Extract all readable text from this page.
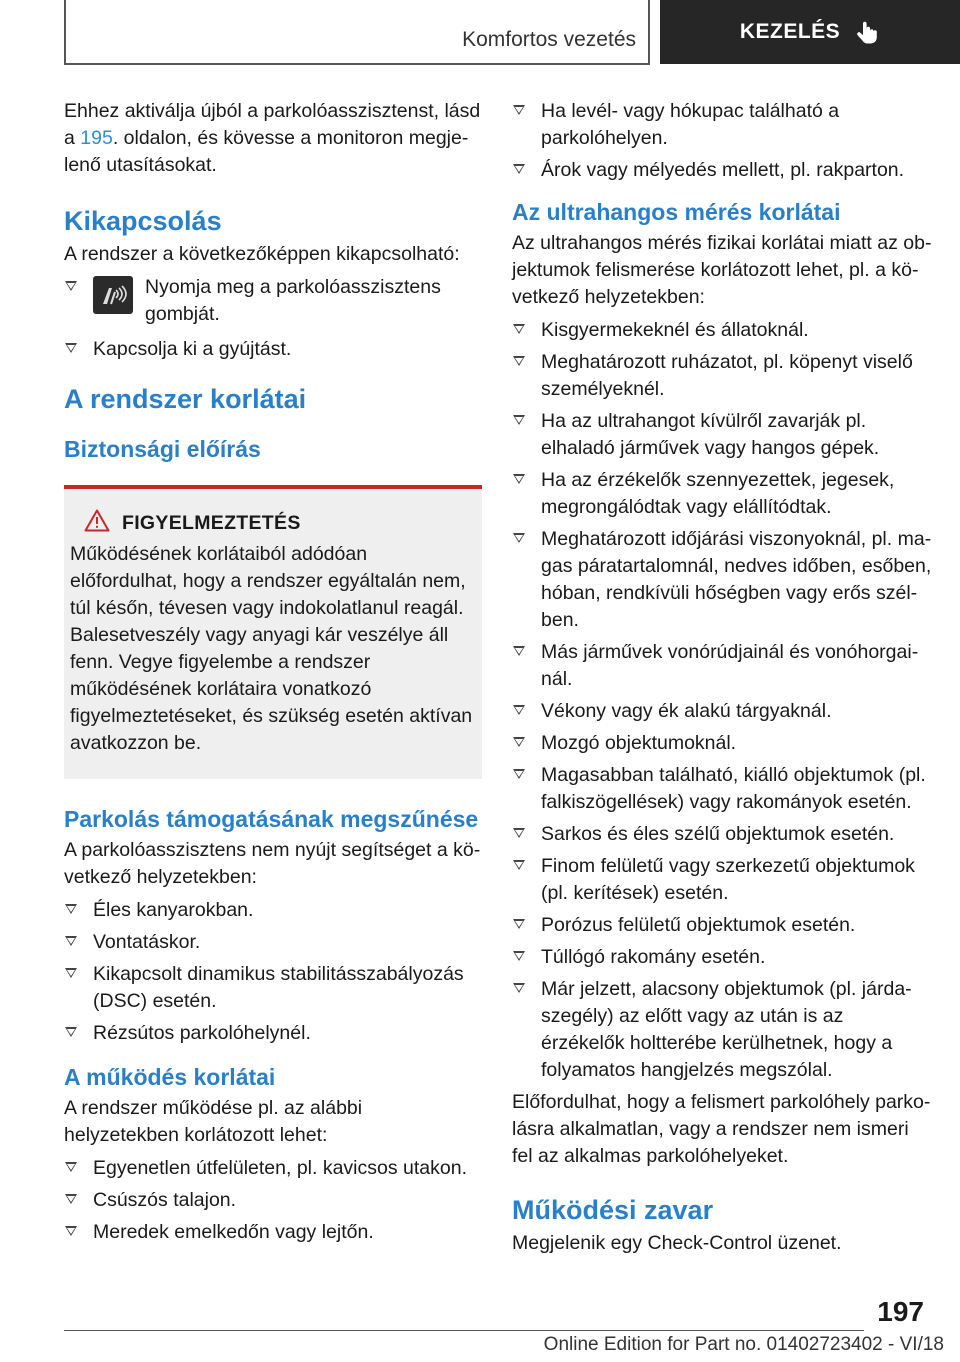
Komfortos vezetés	KEZELÉS

Ehhez aktiválja újból a parkolóasszisztenst, lásd a 195. oldalon, és kövesse a monitoron megjelenő utasításokat.

Kikapcsolás

A rendszer a következőképpen kikapcsolható:

Nyomja meg a parkolóasszisztens gombját.
Kapcsolja ki a gyújtást.
A rendszer korlátai
Biztonsági előírás
FIGYELMEZTETÉS

Működésének korlátaiból adódóan előfordulhat, hogy a rendszer egyáltalán nem, túl későn, tévesen vagy indokolatlanul reagál. Balesetveszély vagy anyagi kár veszélye áll fenn. Vegye figyelembe a rendszer működésének korlátaira vonatkozó figyelmeztetéseket, és szükség esetén aktívan avatkozzon be.

Parkolás támogatásának megszűnése

A parkolóasszisztens nem nyújt segítséget a következő helyzetekben:

Éles kanyarokban.
Vontatáskor.
Kikapcsolt dinamikus stabilitásszabályozás (DSC) esetén.
Rézsútos parkolóhelynél.
A működés korlátai

A rendszer működése pl. az alábbi helyzetekben korlátozott lehet:

Egyenetlen útfelületen, pl. kavicsos utakon.
Csúszós talajon.
Meredek emelkedőn vagy lejtőn.
Ha levél- vagy hókupac található a parkolóhelyen.
Árok vagy mélyedés mellett, pl. rakparton.
Az ultrahangos mérés korlátai

Az ultrahangos mérés fizikai korlátai miatt az objektumok felismerése korlátozott lehet, pl. a következő helyzetekben:

Kisgyermekeknél és állatoknál.
Meghatározott ruházatot, pl. köpenyt viselő személyeknél.
Ha az ultrahangot kívülről zavarják pl. elhaladó járművek vagy hangos gépek.
Ha az érzékelők szennyezettek, jegesek, megrongálódtak vagy elállítódtak.
Meghatározott időjárási viszonyoknál, pl. magas páratartalomnál, nedves időben, esőben, hóban, rendkívüli hőségben vagy erős szélben.
Más járművek vonórúdjainál és vonóhorgainál.
Vékony vagy ék alakú tárgyaknál.
Mozgó objektumoknál.
Magasabban található, kiálló objektumok (pl. falkiszögellések) vagy rakományok esetén.
Sarkos és éles szélű objektumok esetén.
Finom felületű vagy szerkezetű objektumok (pl. kerítések) esetén.
Porózus felületű objektumok esetén.
Túllógó rakomány esetén.
Már jelzett, alacsony objektumok (pl. járdaszegély) az előtt vagy az után is az érzékelők holtterébe kerülhetnek, hogy a folyamatos hangjelzés megszólal.

Előfordulhat, hogy a felismert parkolóhely parkolásra alkalmatlan, vagy a rendszer nem ismeri fel az alkalmas parkolóhelyeket.

Működési zavar

Megjelenik egy Check-Control üzenet.

197
Online Edition for Part no. 01402723402 - VI/18
